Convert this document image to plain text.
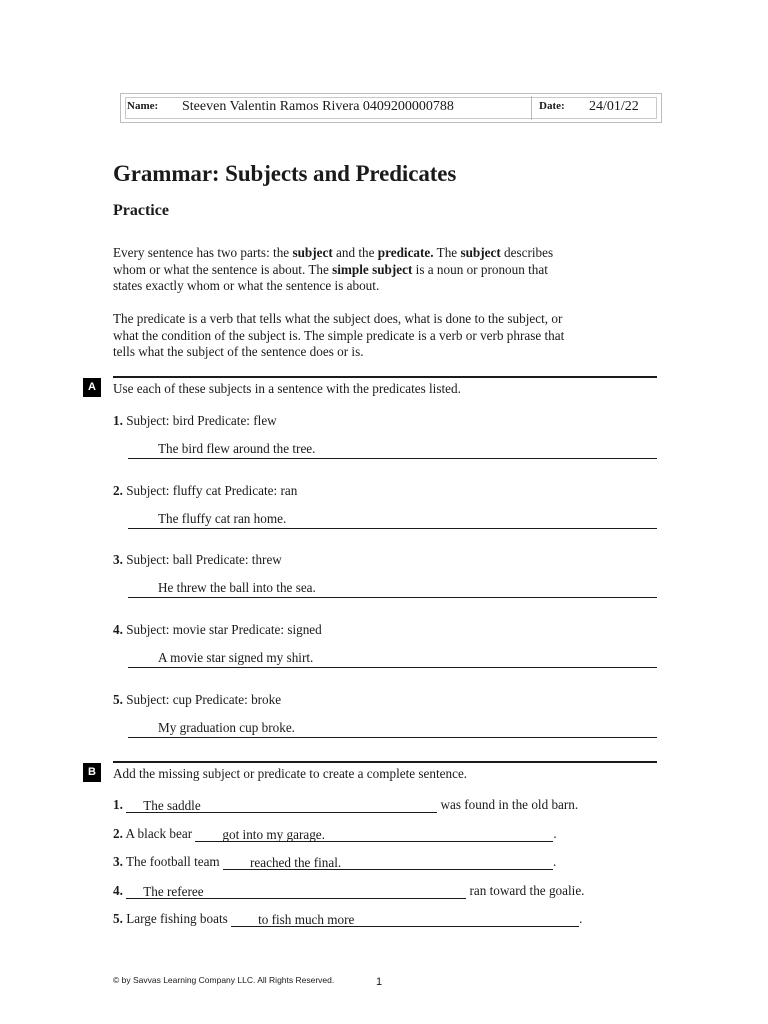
Name: Steeven Valentin Ramos Rivera 0409200000788	Date: 24/01/22
Grammar: Subjects and Predicates
Practice
Every sentence has two parts: the subject and the predicate. The subject describes
whom or what the sentence is about. The simple subject is a noun or pronoun that
states exactly whom or what the sentence is about.
The predicate is a verb that tells what the subject does, what is done to the subject, or
what the condition of the subject is. The simple predicate is a verb or verb phrase that
tells what the subject of the sentence does or is.
A	Use each of these subjects in a sentence with the predicates listed.
1. Subject: bird Predicate: flew
The bird flew around the tree.
2. Subject: fluffy cat Predicate: ran
The fluffy cat ran home.
3. Subject: ball Predicate: threw
He threw the ball into the sea.
4. Subject: movie star Predicate: signed
A movie star signed my shirt.
5. Subject: cup Predicate: broke
My graduation cup broke.
B	Add the missing subject or predicate to create a complete sentence.
1. The saddle	was found in the old barn.
2. A black bear got into my garage.	.
3. The football team reached the final.	.
4. The referee	ran toward the goalie.
5. Large fishing boats to fish much more	.
© by Savvas Learning Company LLC. All Rights Reserved.	1
